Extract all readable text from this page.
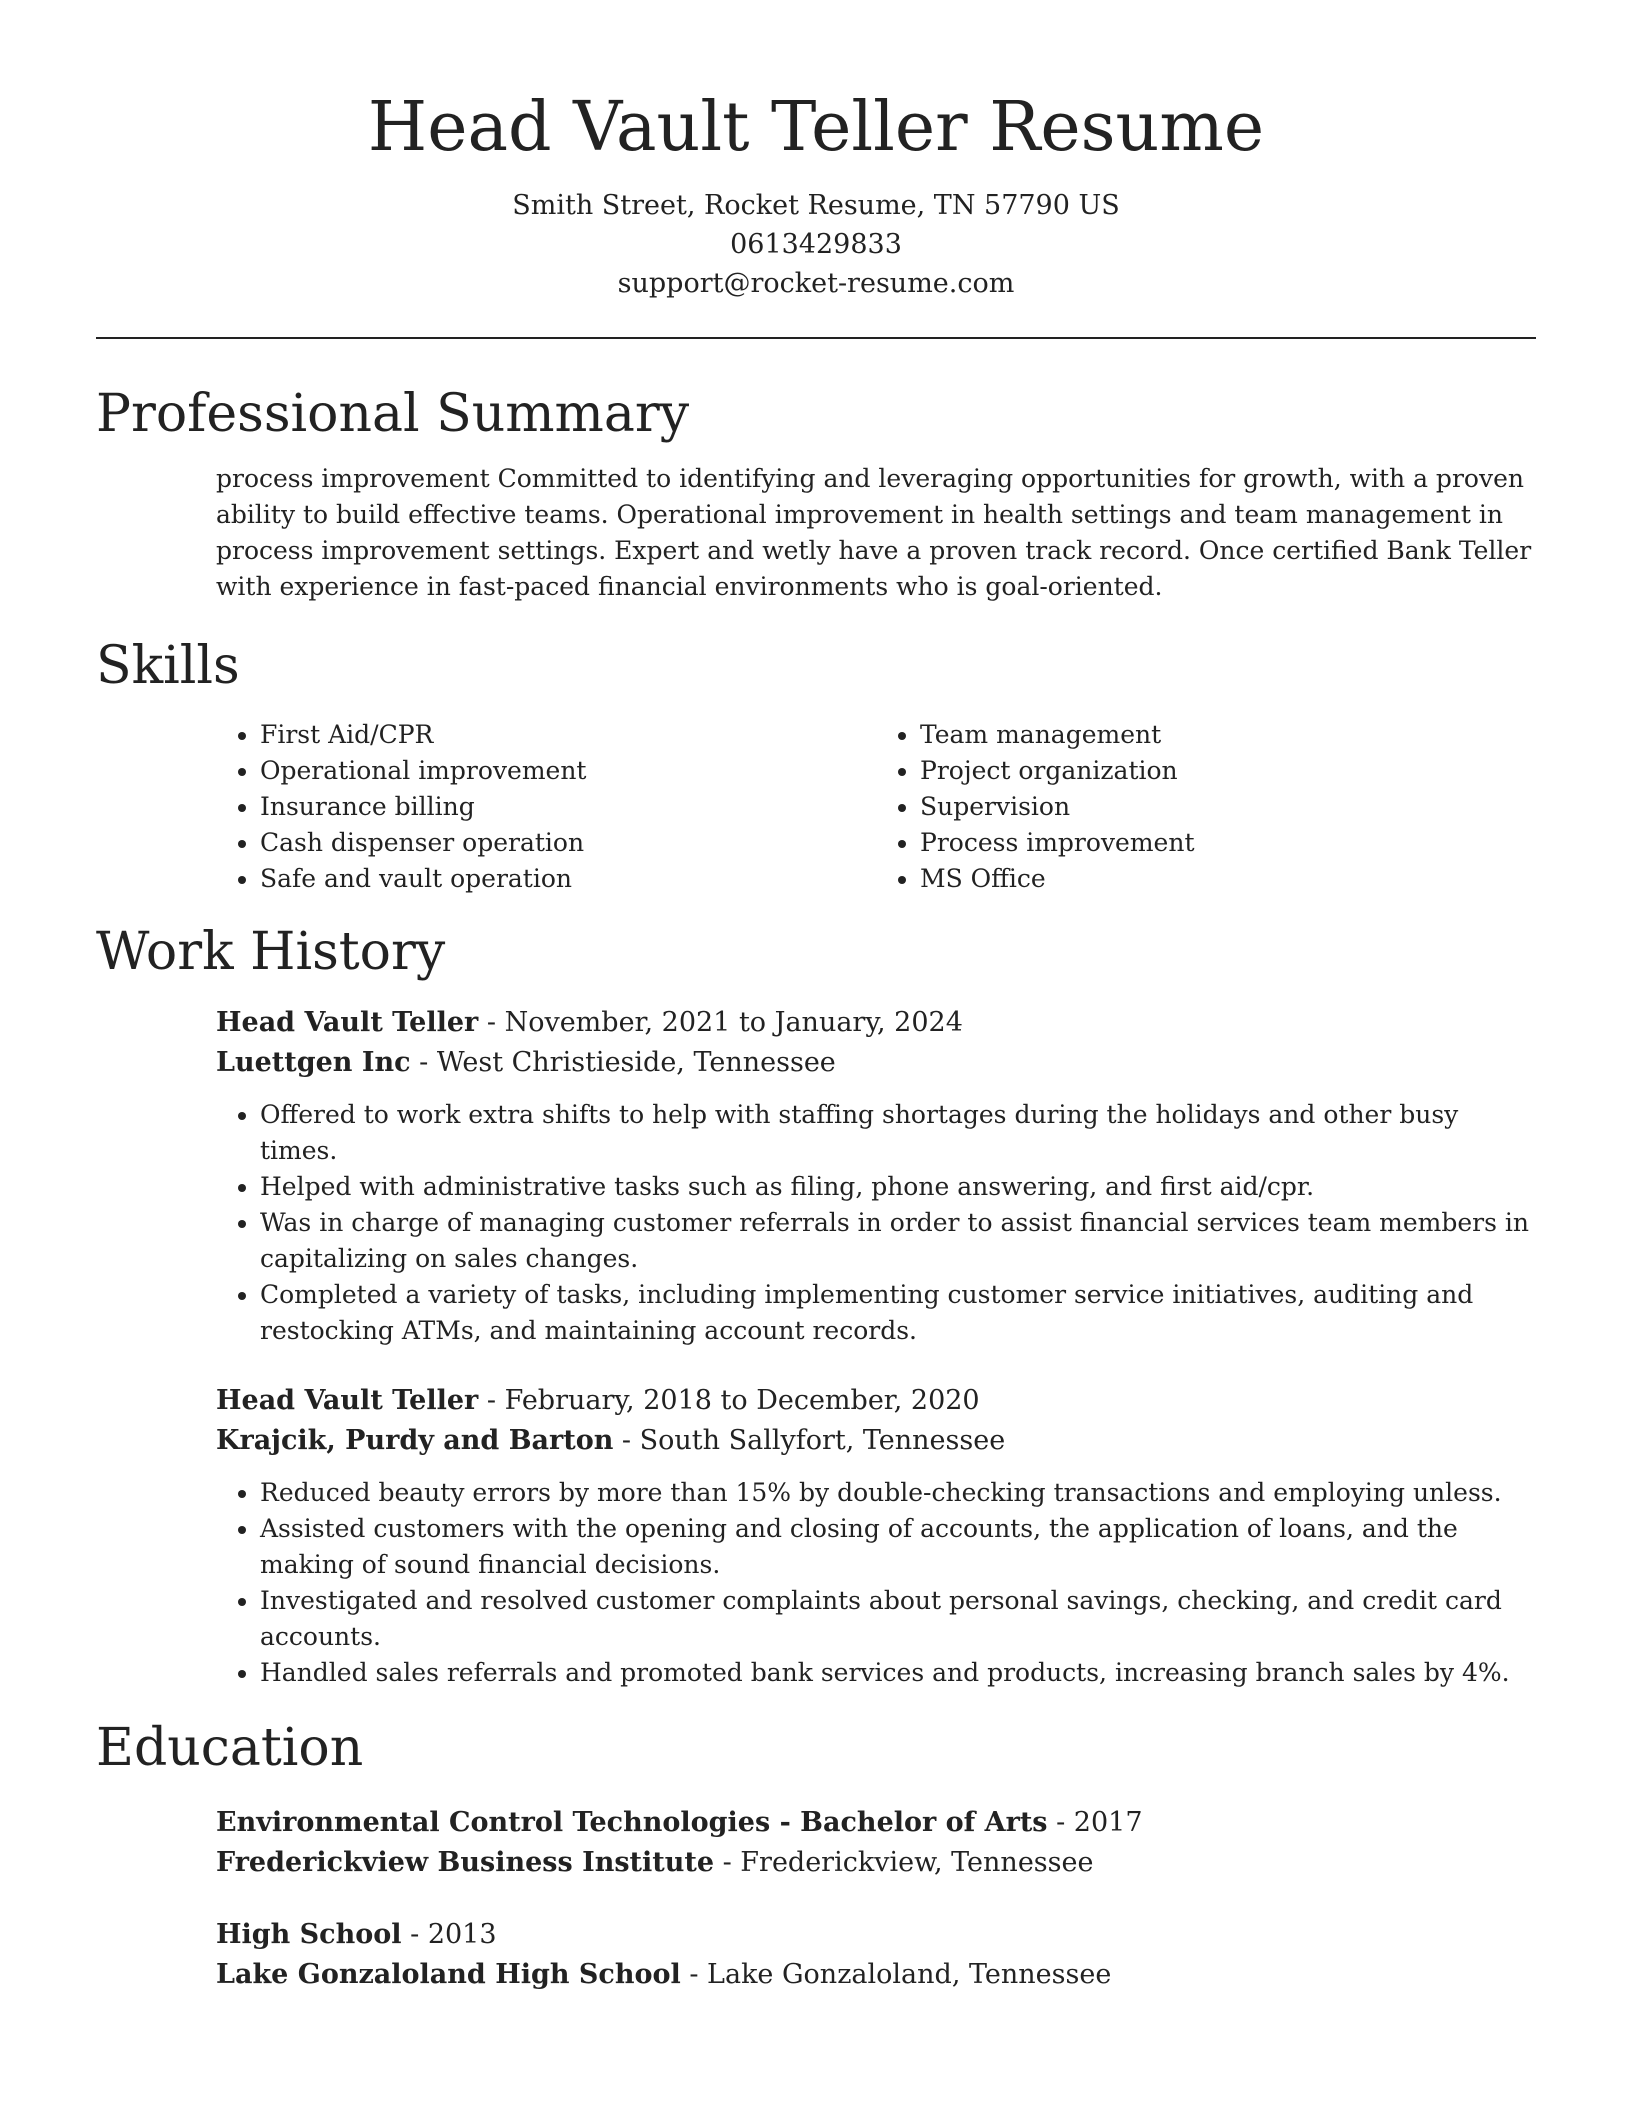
Head Vault Teller Resume
Smith Street, Rocket Resume, TN 57790 US
0613429833
support@rocket-resume.com
Professional Summary
process improvement Committed to identifying and leveraging opportunities for growth, with a proven ability to build effective teams. Operational improvement in health settings and team management in process improvement settings. Expert and wetly have a proven track record. Once certified Bank Teller with experience in fast-paced financial environments who is goal-oriented.
Skills
• First Aid/CPR
• Operational improvement
• Insurance billing
• Cash dispenser operation
• Safe and vault operation
• Team management
• Project organization
• Supervision
• Process improvement
• MS Office
Work History
Head Vault Teller - November, 2021 to January, 2024
Luettgen Inc - West Christieside, Tennessee
• Offered to work extra shifts to help with staffing shortages during the holidays and other busy times.
• Helped with administrative tasks such as filing, phone answering, and first aid/cpr.
• Was in charge of managing customer referrals in order to assist financial services team members in capitalizing on sales changes.
• Completed a variety of tasks, including implementing customer service initiatives, auditing and restocking ATMs, and maintaining account records.
Head Vault Teller - February, 2018 to December, 2020
Krajcik, Purdy and Barton - South Sallyfort, Tennessee
• Reduced beauty errors by more than 15% by double-checking transactions and employing unless.
• Assisted customers with the opening and closing of accounts, the application of loans, and the making of sound financial decisions.
• Investigated and resolved customer complaints about personal savings, checking, and credit card accounts.
• Handled sales referrals and promoted bank services and products, increasing branch sales by 4%.
Education
Environmental Control Technologies - Bachelor of Arts - 2017
Frederickview Business Institute - Frederickview, Tennessee
High School - 2013
Lake Gonzaloland High School - Lake Gonzaloland, Tennessee
